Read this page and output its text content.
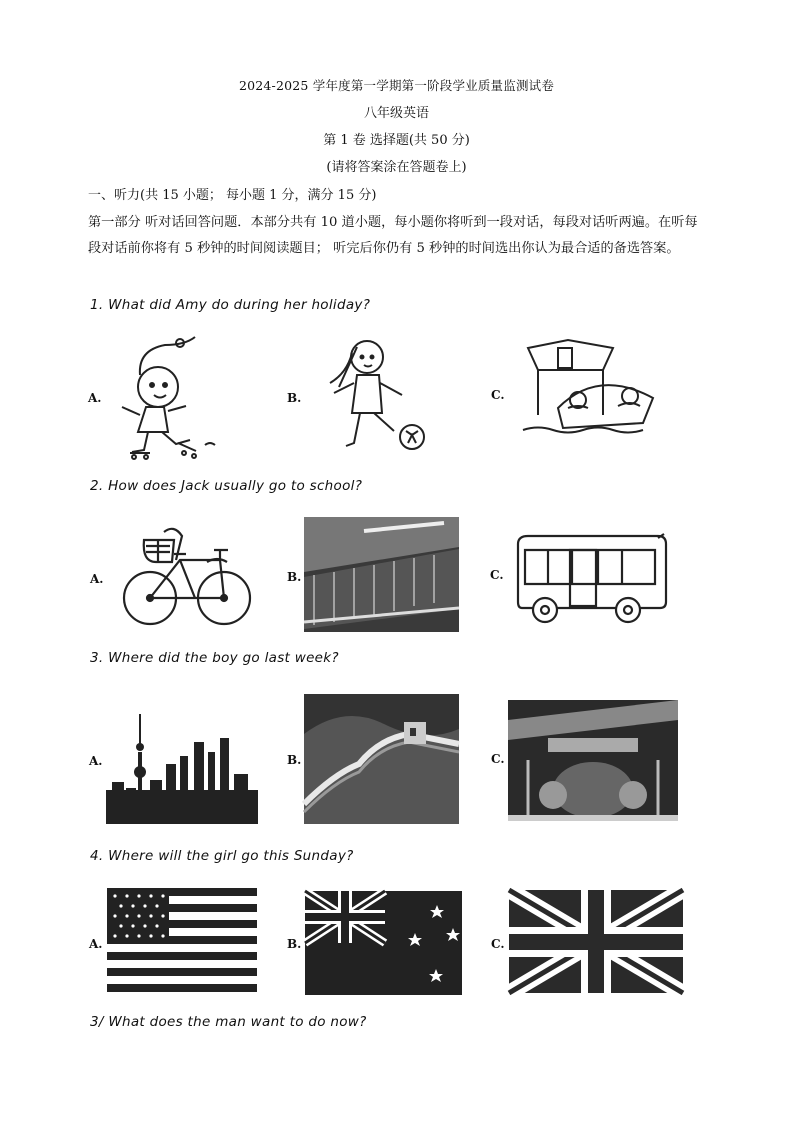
2024-2025 学年度第一学期第一阶段学业质量监测试卷
八年级英语
第 1 卷 选择题(共 50 分)
(请将答案涂在答题卷上)
一、听力(共 15 小题； 每小题 1 分，满分 15 分)
第一部分 听对话回答问题．本部分共有 10 道小题，每小题你将听到一段对话，每段对话听两遍。在听每段对话前你将有 5 秒钟的时间阅读题目； 听完后你仍有 5 秒钟的时间选出你认为最合适的备选答案。
1. What did Amy do during her holiday?
A.	B.	C.
2. How does Jack usually go to school?
A.	B.	C.
3. Where did the boy go last week?
A.	B.	C.
4. Where will the girl go this Sunday?
A.	B.	C.
3/ What does the man want to do now?
